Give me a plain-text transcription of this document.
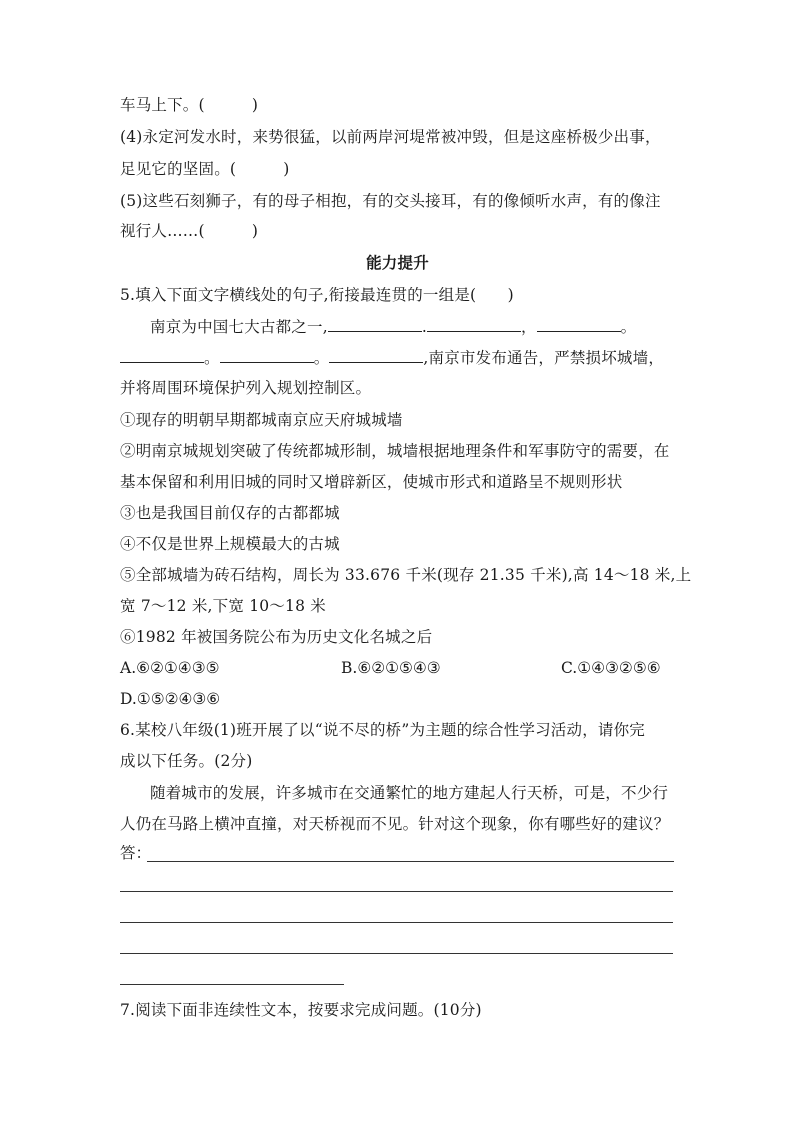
车马上下。(　　　)
(4)永定河发水时，来势很猛，以前两岸河堤常被冲毁，但是这座桥极少出事，
足见它的坚固。(　　　)
(5)这些石刻狮子，有的母子相抱，有的交头接耳，有的像倾听水声，有的像注
视行人……(　　　)
能力提升
5.填入下面文字横线处的句子,衔接最连贯的一组是(　　)
南京为中国七大古都之一,	.	，	。
。	。	,南京市发布通告，严禁损坏城墙，
并将周围环境保护列入规划控制区。
①现存的明朝早期都城南京应天府城城墙
②明南京城规划突破了传统都城形制，城墙根据地理条件和军事防守的需要，在
基本保留和利用旧城的同时又增辟新区，使城市形式和道路呈不规则形状
③也是我国目前仅存的古都都城
④不仅是世界上规模最大的古城
⑤全部城墙为砖石结构，周长为 33.676 千米(现存 21.35 千米),高 14～18 米,上
宽 7～12 米,下宽 10～18 米
⑥1982 年被国务院公布为历史文化名城之后
A.⑥②①④③⑤	B.⑥②①⑤④③	C.①④③②⑤⑥
D.①⑤②④③⑥
6.某校八年级(1)班开展了以“说不尽的桥”为主题的综合性学习活动，请你完
成以下任务。(2分)
随着城市的发展，许多城市在交通繁忙的地方建起人行天桥，可是，不少行
人仍在马路上横冲直撞，对天桥视而不见。针对这个现象，你有哪些好的建议？
答：
7.阅读下面非连续性文本，按要求完成问题。(10分)
